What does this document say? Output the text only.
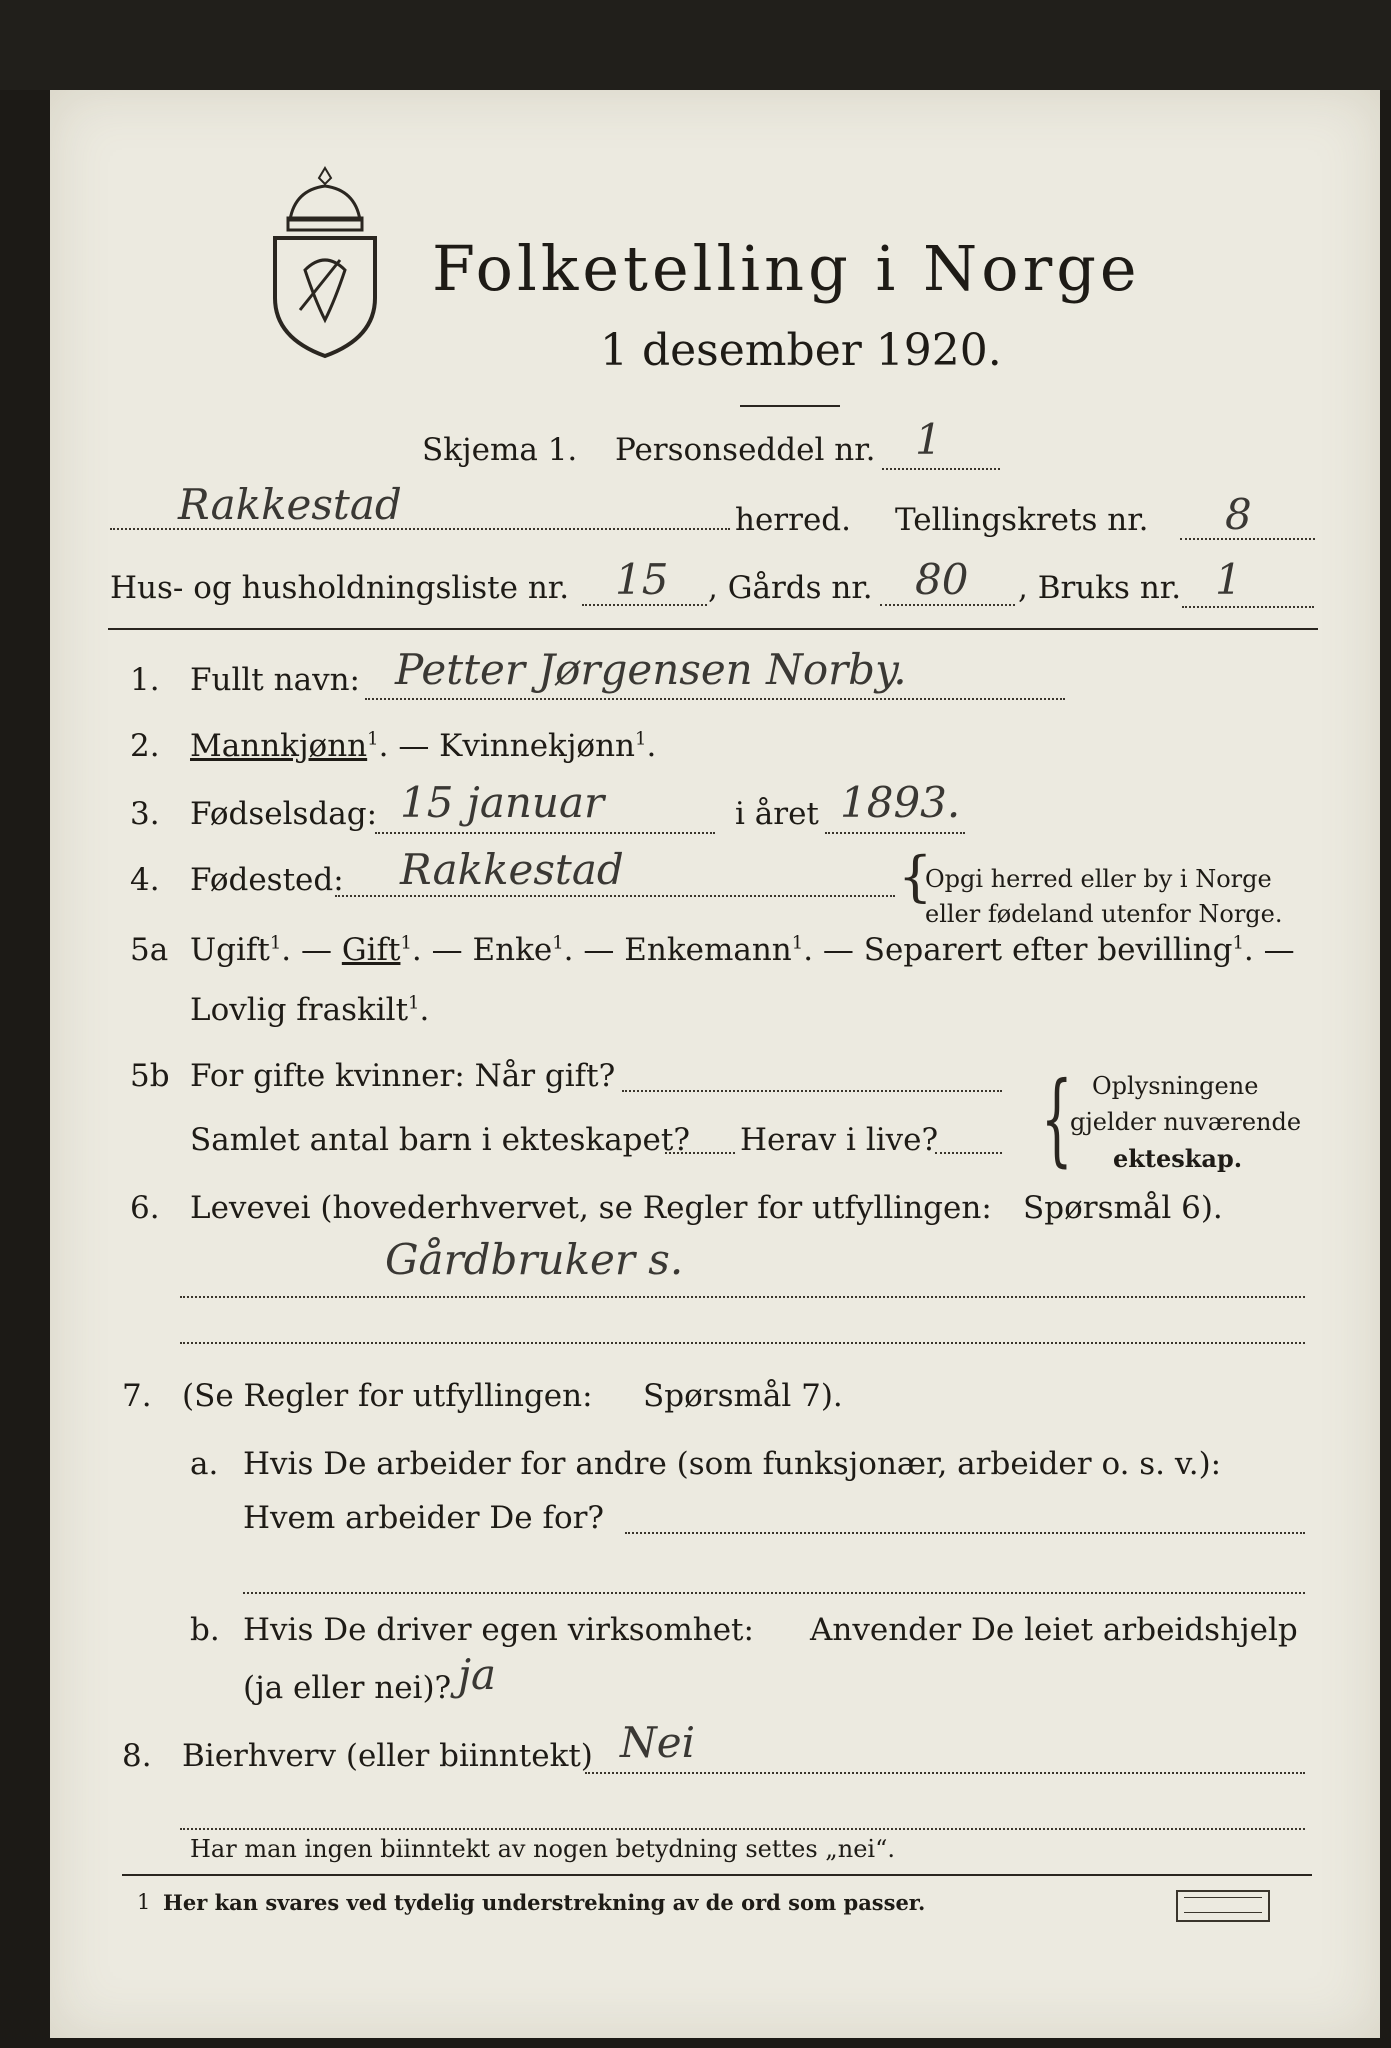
Folketelling i Norge
1 desember 1920.
Skjema 1. Personseddel nr. 1
Rakkestad	herred. Tellingskrets nr. 8
Hus- og husholdningsliste nr. 15 , Gårds nr. 80 , Bruks nr. 1
1. Fullt navn: Petter Jørgensen Norby.
2. Mannkjønn$^1$. — Kvinnekjønn$^1$.
3. Fødselsdag: 15 januar	i året 1893.
4. Fødested: Rakkestad	{
Opgi herred eller by i Norge
eller fødeland utenfor Norge.
5a Ugift$^1$. — Gift$^1$. — Enke$^1$. — Enkemann$^1$. — Separert efter bevilling$^1$. —
Lovlig fraskilt$^1$.
5b For gifte kvinner: Når gift?
Samlet antal barn i ekteskapet? Herav i live? { Oplysningene
gjelder nuværende
ekteskap.
6. Levevei (hovederhvervet, se Regler for utfyllingen: Spørsmål 6).
Gårdbruker s.
7. (Se Regler for utfyllingen: Spørsmål 7).
a. Hvis De arbeider for andre (som funksjonær, arbeider o. s. v.):
Hvem arbeider De for?
b. Hvis De driver egen virksomhet: Anvender De leiet arbeidshjelp
(ja eller nei)? ja
8. Bierhverv (eller biinntekt) Nei
Har man ingen biinntekt av nogen betydning settes „nei“.
1 Her kan svares ved tydelig understrekning av de ord som passer.
